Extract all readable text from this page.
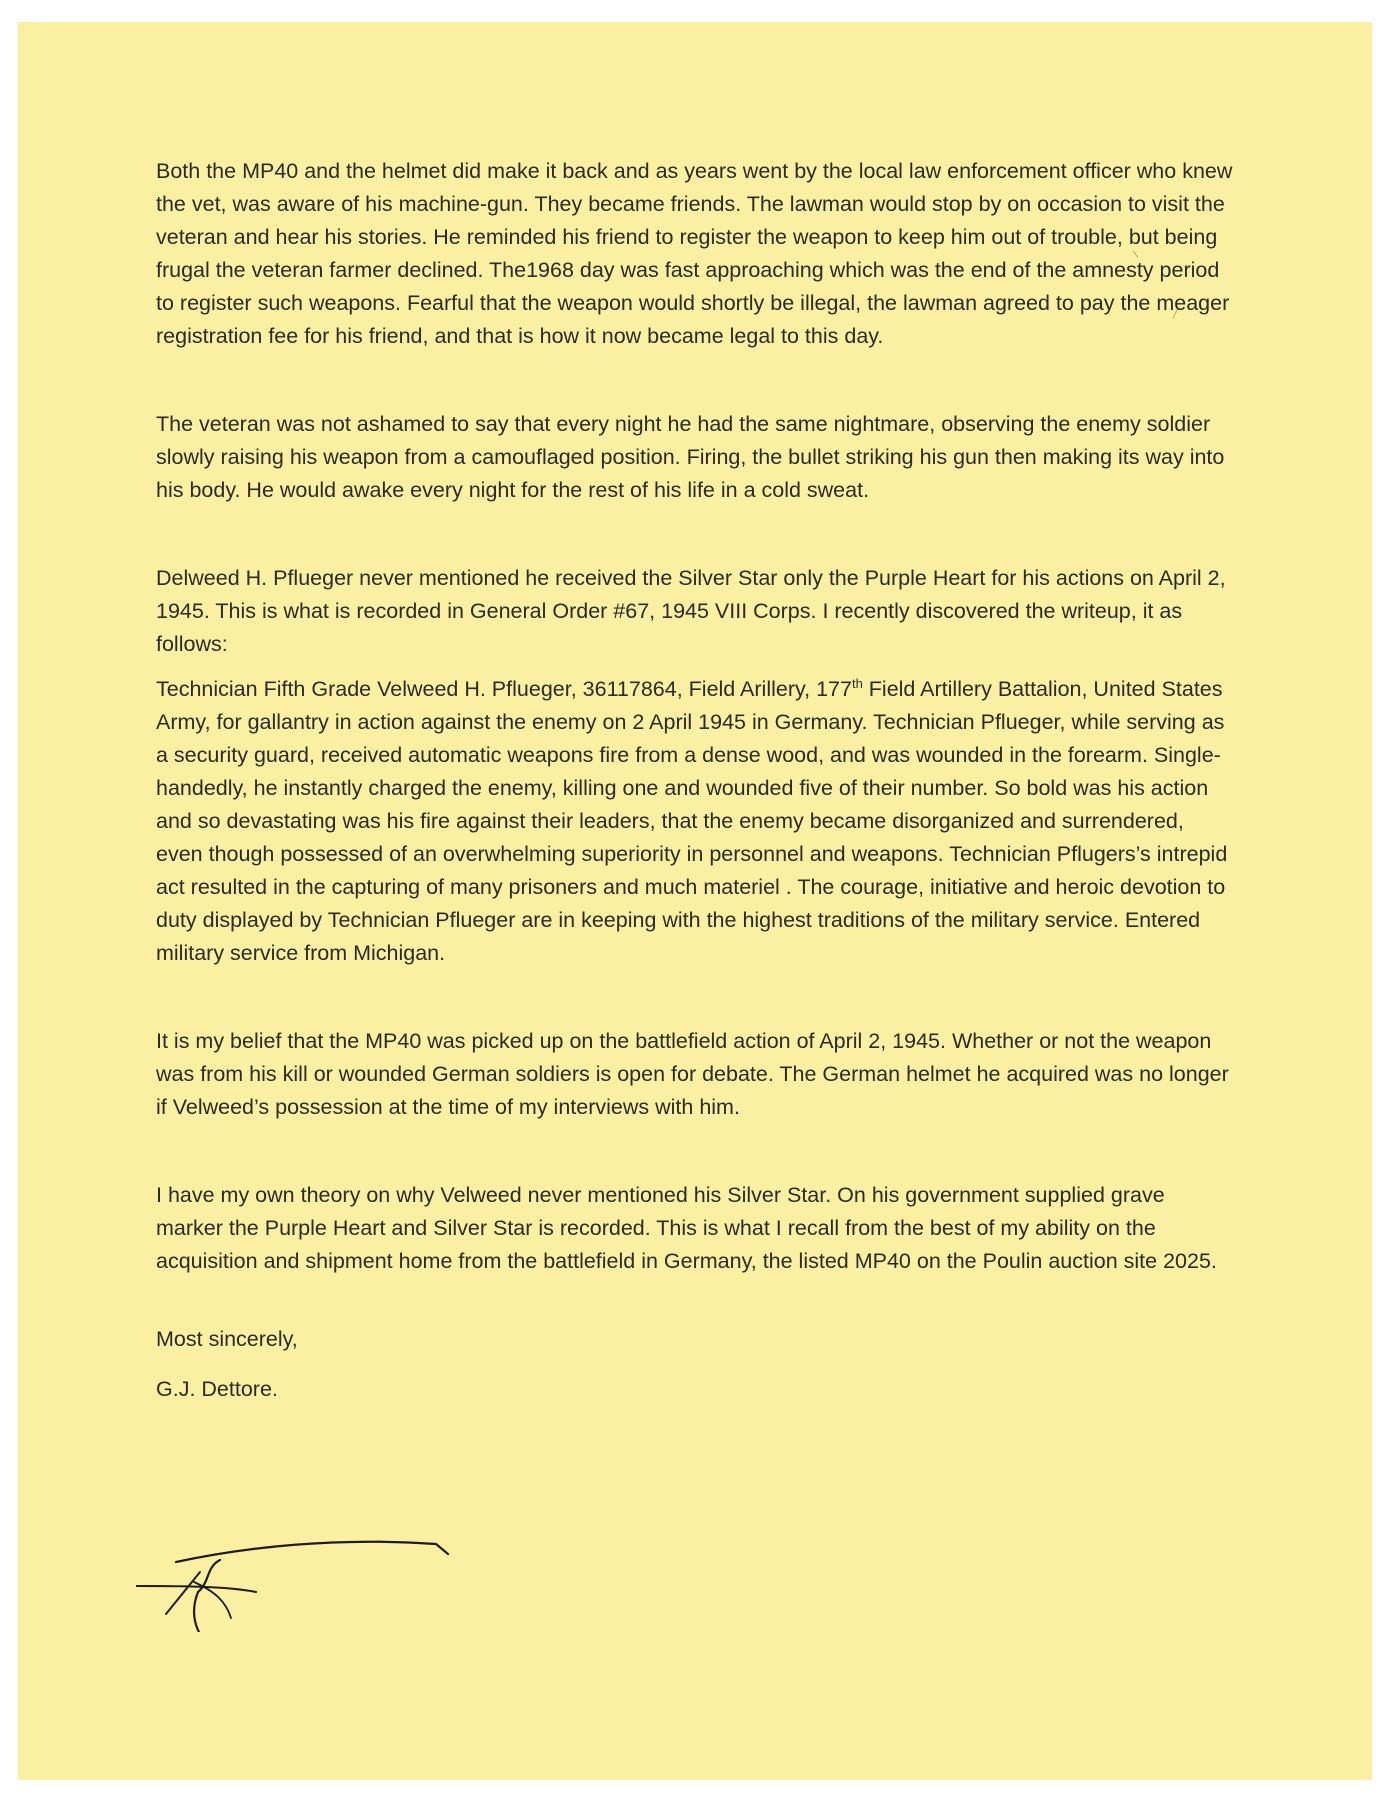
Both the MP40 and the helmet did make it back and as years went by the local law enforcement officer who knew the vet, was aware of his machine-gun. They became friends. The lawman would stop by on occasion to visit the veteran and hear his stories. He reminded his friend to register the weapon to keep him out of trouble, but being frugal the veteran farmer declined. The1968 day was fast approaching which was the end of the amnesty period to register such weapons. Fearful that the weapon would shortly be illegal, the lawman agreed to pay the meager registration fee for his friend, and that is how it now became legal to this day.

The veteran was not ashamed to say that every night he had the same nightmare, observing the enemy soldier slowly raising his weapon from a camouflaged position. Firing, the bullet striking his gun then making its way into his body. He would awake every night for the rest of his life in a cold sweat.

Delweed H. Pflueger never mentioned he received the Silver Star only the Purple Heart for his actions on April 2, 1945. This is what is recorded in General Order #67, 1945 VIII Corps. I recently discovered the writeup, it as follows:

Technician Fifth Grade Velweed H. Pflueger, 36117864, Field Arillery, 177th Field Artillery Battalion, United States Army, for gallantry in action against the enemy on 2 April 1945 in Germany. Technician Pflueger, while serving as a security guard, received automatic weapons fire from a dense wood, and was wounded in the forearm. Single-handedly, he instantly charged the enemy, killing one and wounded five of their number. So bold was his action and so devastating was his fire against their leaders, that the enemy became disorganized and surrendered, even though possessed of an overwhelming superiority in personnel and weapons. Technician Pflugers’s intrepid act resulted in the capturing of many prisoners and much materiel . The courage, initiative and heroic devotion to duty displayed by Technician Pflueger are in keeping with the highest traditions of the military service. Entered military service from Michigan.

It is my belief that the MP40 was picked up on the battlefield action of April 2, 1945. Whether or not the weapon was from his kill or wounded German soldiers is open for debate. The German helmet he acquired was no longer if Velweed’s possession at the time of my interviews with him.

I have my own theory on why Velweed never mentioned his Silver Star. On his government supplied grave marker the Purple Heart and Silver Star is recorded. This is what I recall from the best of my ability on the acquisition and shipment home from the battlefield in Germany, the listed MP40 on the Poulin auction site 2025.

Most sincerely,
G.J. Dettore.
